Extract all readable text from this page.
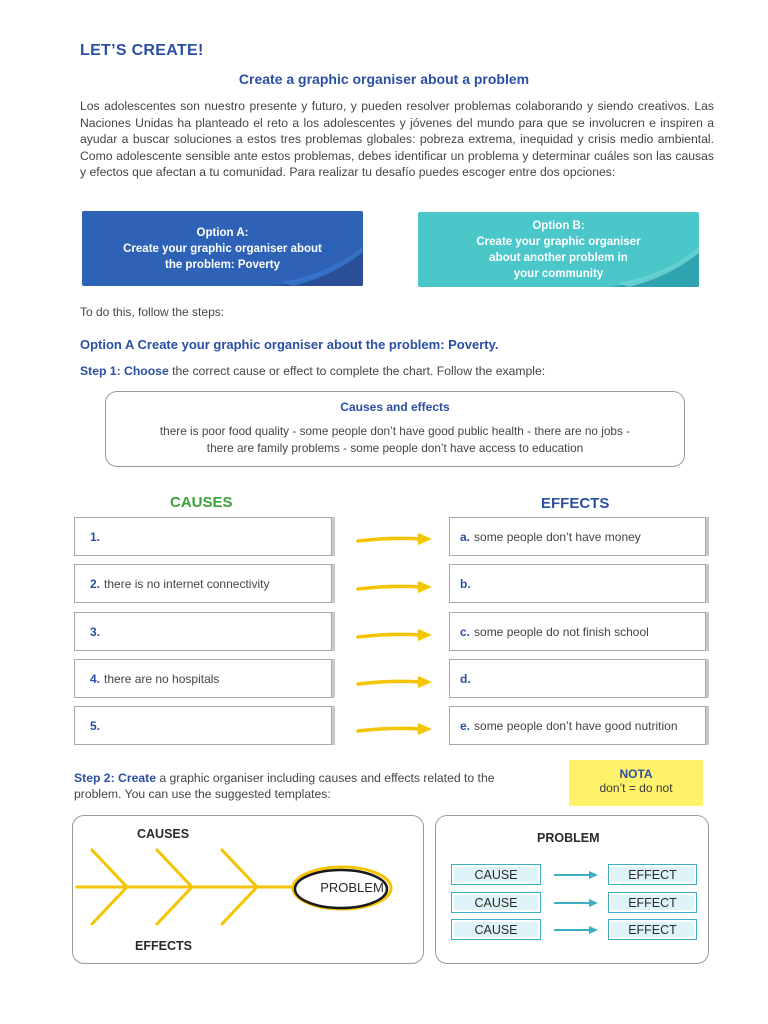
LET’S CREATE!
Create a graphic organiser about a problem
Los adolescentes son nuestro presente y futuro, y pueden resolver problemas colaborando y siendo creativos. Las Naciones Unidas ha planteado el reto a los adolescentes y jóvenes del mundo para que se involucren e inspiren a ayudar a buscar soluciones a estos tres problemas globales: pobreza extrema, inequidad y crisis medio ambiental. Como adolescente sensible ante estos problemas, debes identificar un problema y determinar cuáles son las causas y efectos que afectan a tu comunidad. Para realizar tu desafío puedes escoger entre dos opciones:
Option A:
Create your graphic organiser about
the problem: Poverty
Option B:
Create your graphic organiser
about another problem in
your community
To do this, follow the steps:
Option A Create your graphic organiser about the problem: Poverty.
Step 1: Choose the correct cause or effect to complete the chart. Follow the example:
Causes and effects
there is poor food quality - some people don’t have good public health - there are no jobs -
there are family problems - some people don’t have access to education
CAUSES	EFFECTS
1.	a. some people don’t have money
2. there is no internet connectivity	b.
3.	c. some people do not finish school
4. there are no hospitals	d.
5.	e. some people don’t have good nutrition
Step 2: Create a graphic organiser including causes and effects related to the problem. You can use the suggested templates:
NOTA
don’t = do not
CAUSES
EFFECTS
PROBLEM
PROBLEM
CAUSE	EFFECT
CAUSE	EFFECT
CAUSE	EFFECT
